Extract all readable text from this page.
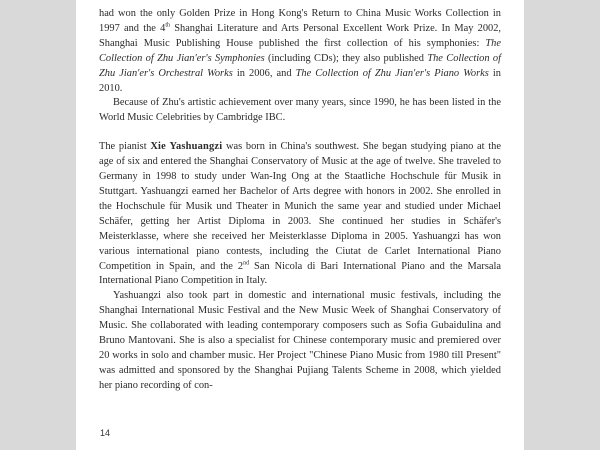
had won the only Golden Prize in Hong Kong's Return to China Music Works Collection in 1997 and the 4th Shanghai Literature and Arts Personal Excellent Work Prize. In May 2002, Shanghai Music Publishing House published the first collection of his symphonies: The Collection of Zhu Jian'er's Symphonies (including CDs); they also published The Collection of Zhu Jian'er's Orchestral Works in 2006, and The Collection of Zhu Jian'er's Piano Works in 2010.

Because of Zhu's artistic achievement over many years, since 1990, he has been listed in the World Music Celebrities by Cambridge IBC.

The pianist Xie Yashuangzi was born in China's southwest. She began studying piano at the age of six and entered the Shanghai Conservatory of Music at the age of twelve. She traveled to Germany in 1998 to study under Wan-Ing Ong at the Staatliche Hochschule für Musik in Stuttgart. Yashuangzi earned her Bachelor of Arts degree with honors in 2002. She enrolled in the Hochschule für Musik und Theater in Munich the same year and studied under Michael Schäfer, getting her Artist Diploma in 2003. She continued her studies in Schäfer's Meisterklasse, where she received her Meisterklasse Diploma in 2005. Yashuangzi has won various international piano contests, including the Ciutat de Carlet International Piano Competition in Spain, and the 2nd San Nicola di Bari International Piano and the Marsala International Piano Competition in Italy.

Yashuangzi also took part in domestic and international music festivals, including the Shanghai International Music Festival and the New Music Week of Shanghai Conservatory of Music. She collaborated with leading contemporary composers such as Sofia Gubaidulina and Bruno Mantovani. She is also a specialist for Chinese contemporary music and premiered over 20 works in solo and chamber music. Her Project "Chinese Piano Music from 1980 till Present" was admitted and sponsored by the Shanghai Pujiang Talents Scheme in 2008, which yielded her piano recording of con-

14
